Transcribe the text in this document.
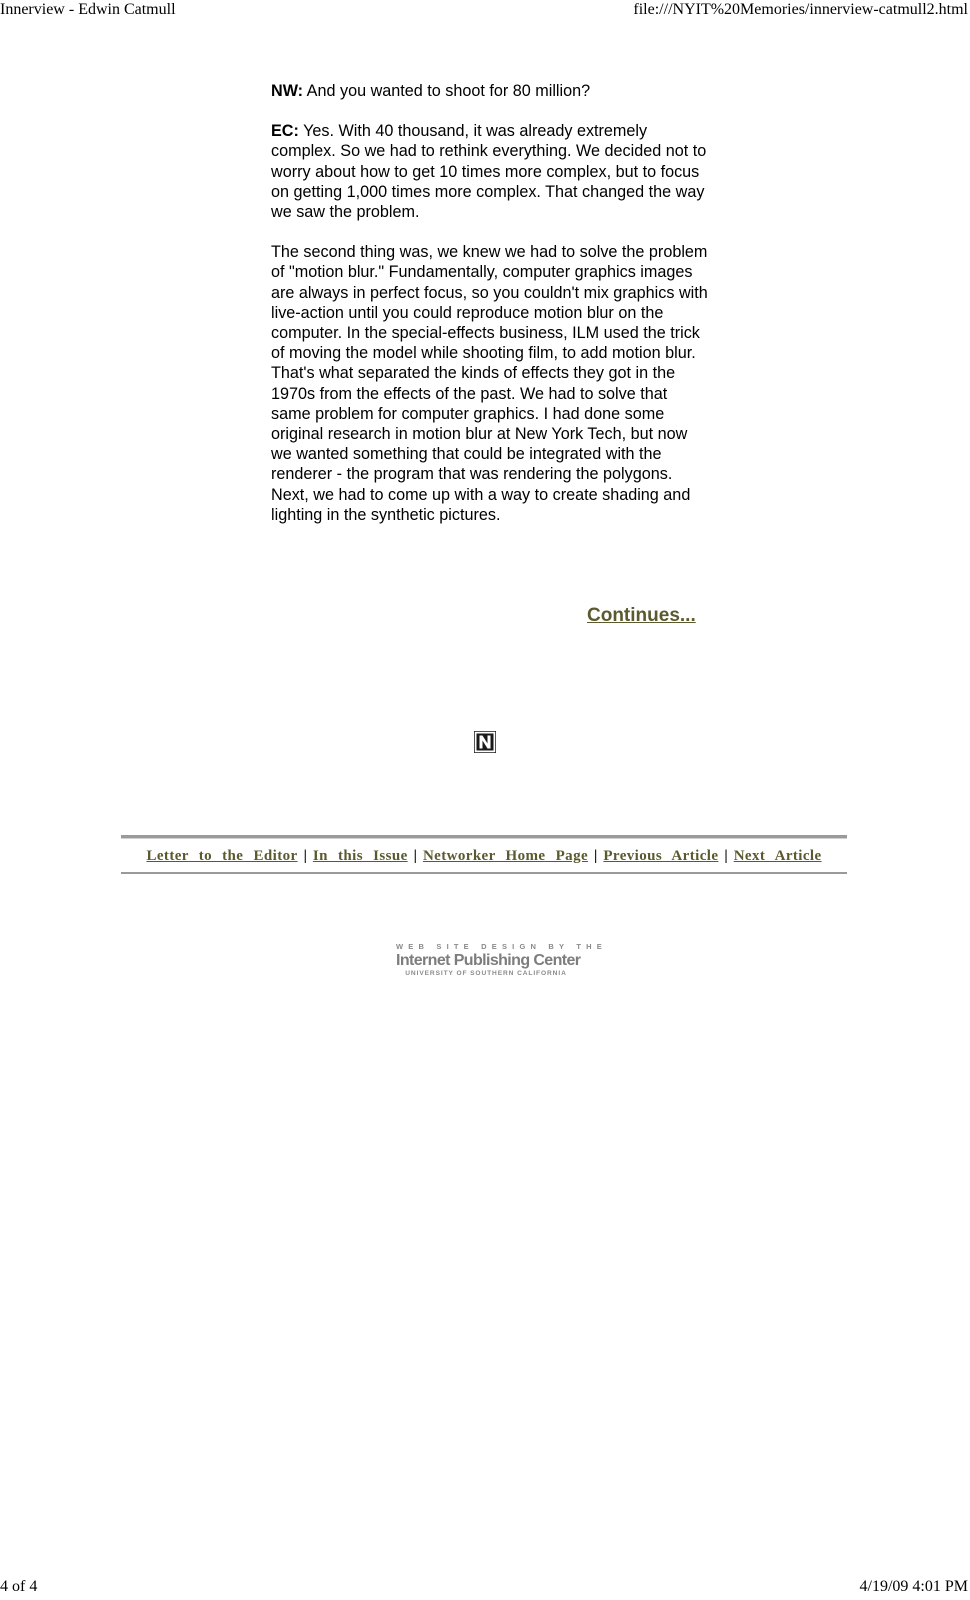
Innerview - Edwin Catmull	file:///NYIT%20Memories/innerview-catmull2.html

NW: And you wanted to shoot for 80 million?

EC: Yes. With 40 thousand, it was already extremely complex. So we had to rethink everything. We decided not to worry about how to get 10 times more complex, but to focus on getting 1,000 times more complex. That changed the way we saw the problem.

The second thing was, we knew we had to solve the problem of "motion blur." Fundamentally, computer graphics images are always in perfect focus, so you couldn't mix graphics with live-action until you could reproduce motion blur on the computer. In the special-effects business, ILM used the trick of moving the model while shooting film, to add motion blur. That's what separated the kinds of effects they got in the 1970s from the effects of the past. We had to solve that same problem for computer graphics. I had done some original research in motion blur at New York Tech, but now we wanted something that could be integrated with the renderer - the program that was rendering the polygons. Next, we had to come up with a way to create shading and lighting in the synthetic pictures.

Continues...
Letter to the Editor | In this Issue | Networker Home Page | Previous Article | Next Article
WEB SITE DESIGN BY THE
Internet Publishing Center
UNIVERSITY OF SOUTHERN CALIFORNIA
4 of 4	4/19/09 4:01 PM
